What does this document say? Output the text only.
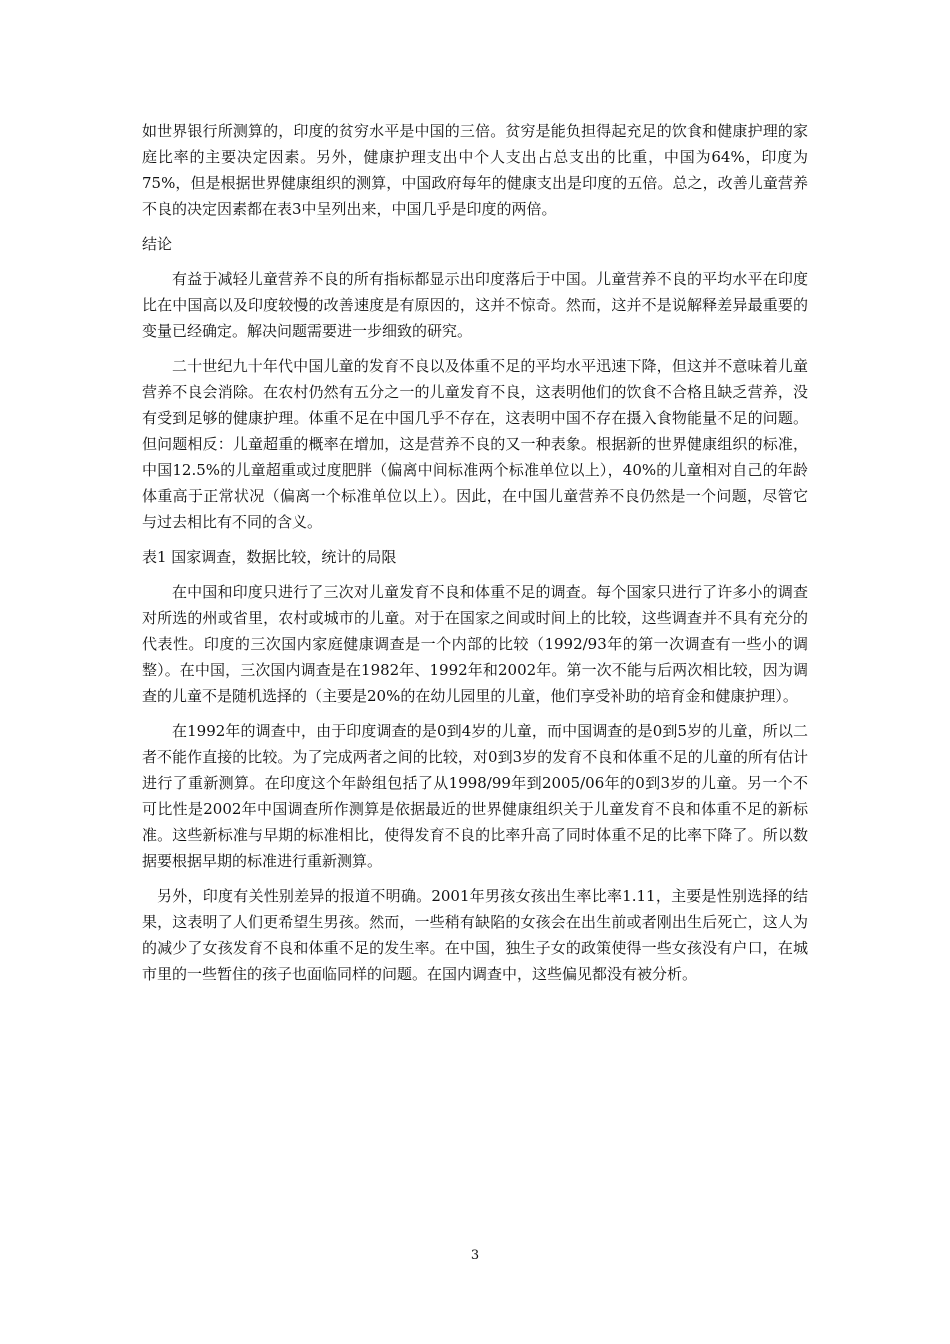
如世界银行所测算的，印度的贫穷水平是中国的三倍。贫穷是能负担得起充足的饮食和健康护理的家庭比率的主要决定因素。另外，健康护理支出中个人支出占总支出的比重，中国为64%，印度为75%，但是根据世界健康组织的测算，中国政府每年的健康支出是印度的五倍。总之，改善儿童营养不良的决定因素都在表3中呈列出来，中国几乎是印度的两倍。

结论

有益于减轻儿童营养不良的所有指标都显示出印度落后于中国。儿童营养不良的平均水平在印度比在中国高以及印度较慢的改善速度是有原因的，这并不惊奇。然而，这并不是说解释差异最重要的变量已经确定。解决问题需要进一步细致的研究。

二十世纪九十年代中国儿童的发育不良以及体重不足的平均水平迅速下降，但这并不意味着儿童营养不良会消除。在农村仍然有五分之一的儿童发育不良，这表明他们的饮食不合格且缺乏营养，没有受到足够的健康护理。体重不足在中国几乎不存在，这表明中国不存在摄入食物能量不足的问题。但问题相反：儿童超重的概率在增加，这是营养不良的又一种表象。根据新的世界健康组织的标准，中国12.5%的儿童超重或过度肥胖（偏离中间标准两个标准单位以上），40%的儿童相对自己的年龄体重高于正常状况（偏离一个标准单位以上）。因此，在中国儿童营养不良仍然是一个问题，尽管它与过去相比有不同的含义。

表1 国家调查，数据比较，统计的局限

在中国和印度只进行了三次对儿童发育不良和体重不足的调查。每个国家只进行了许多小的调查对所选的州或省里，农村或城市的儿童。对于在国家之间或时间上的比较，这些调查并不具有充分的代表性。印度的三次国内家庭健康调查是一个内部的比较（1992/93年的第一次调查有一些小的调整）。在中国，三次国内调查是在1982年、1992年和2002年。第一次不能与后两次相比较，因为调查的儿童不是随机选择的（主要是20%的在幼儿园里的儿童，他们享受补助的培育金和健康护理）。

在1992年的调查中，由于印度调查的是0到4岁的儿童，而中国调查的是0到5岁的儿童，所以二者不能作直接的比较。为了完成两者之间的比较，对0到3岁的发育不良和体重不足的儿童的所有估计进行了重新测算。在印度这个年龄组包括了从1998/99年到2005/06年的0到3岁的儿童。另一个不可比性是2002年中国调查所作测算是依据最近的世界健康组织关于儿童发育不良和体重不足的新标准。这些新标准与早期的标准相比，使得发育不良的比率升高了同时体重不足的比率下降了。所以数据要根据早期的标准进行重新测算。

另外，印度有关性别差异的报道不明确。2001年男孩女孩出生率比率1.11，主要是性别选择的结果，这表明了人们更希望生男孩。然而，一些稍有缺陷的女孩会在出生前或者刚出生后死亡，这人为的减少了女孩发育不良和体重不足的发生率。在中国，独生子女的政策使得一些女孩没有户口，在城市里的一些暂住的孩子也面临同样的问题。在国内调查中，这些偏见都没有被分析。

3
